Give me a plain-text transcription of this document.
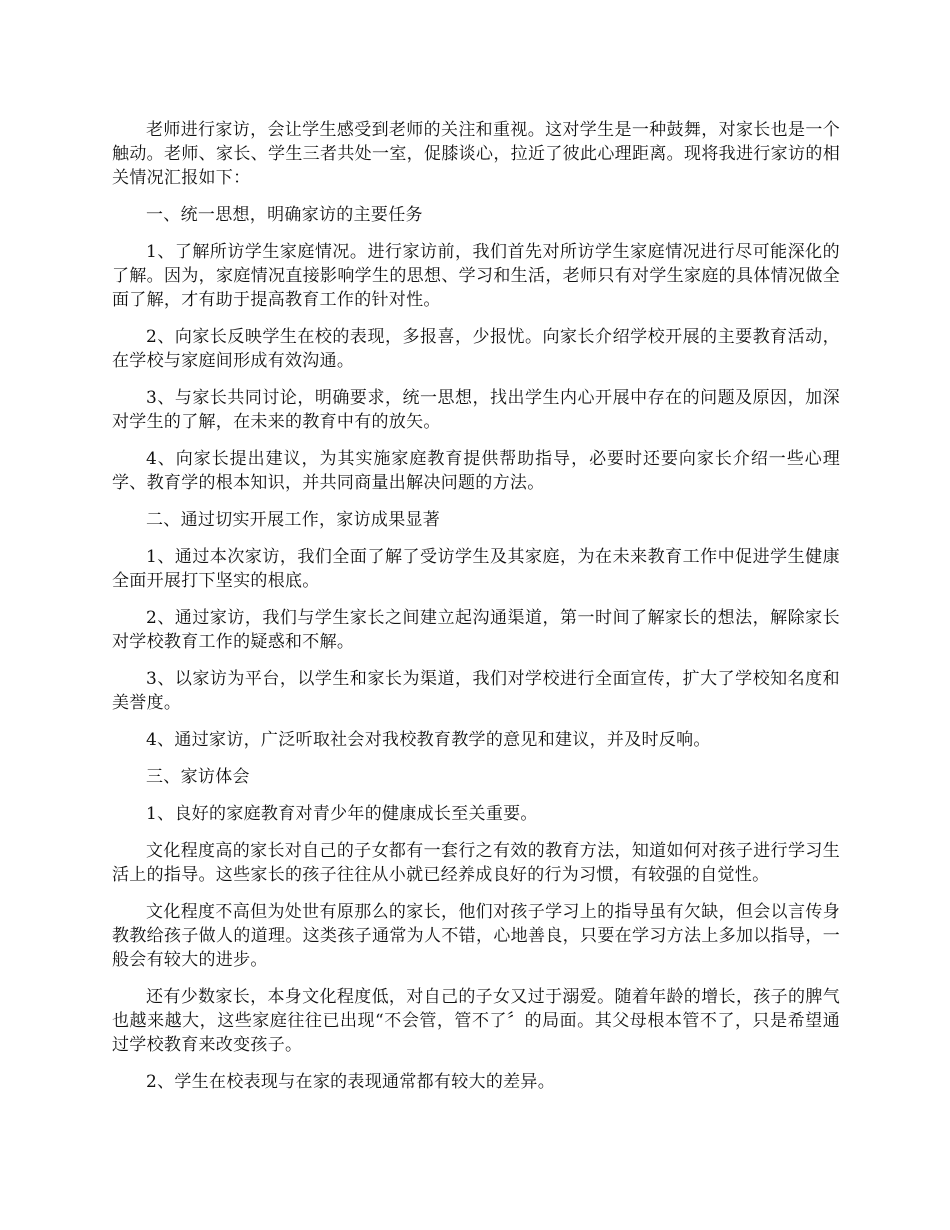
老师进行家访，会让学生感受到老师的关注和重视。这对学生是一种鼓舞，对家长也是一个触动。老师、家长、学生三者共处一室，促膝谈心，拉近了彼此心理距离。现将我进行家访的相关情况汇报如下：

一、统一思想，明确家访的主要任务

1、了解所访学生家庭情况。进行家访前，我们首先对所访学生家庭情况进行尽可能深化的了解。因为，家庭情况直接影响学生的思想、学习和生活，老师只有对学生家庭的具体情况做全面了解，才有助于提高教育工作的针对性。

2、向家长反映学生在校的表现，多报喜，少报忧。向家长介绍学校开展的主要教育活动，在学校与家庭间形成有效沟通。

3、与家长共同讨论，明确要求，统一思想，找出学生内心开展中存在的问题及原因，加深对学生的了解，在未来的教育中有的放矢。

4、向家长提出建议，为其实施家庭教育提供帮助指导，必要时还要向家长介绍一些心理学、教育学的根本知识，并共同商量出解决问题的方法。

二、通过切实开展工作，家访成果显著

1、通过本次家访，我们全面了解了受访学生及其家庭，为在未来教育工作中促进学生健康全面开展打下坚实的根底。

2、通过家访，我们与学生家长之间建立起沟通渠道，第一时间了解家长的想法，解除家长对学校教育工作的疑惑和不解。

3、以家访为平台，以学生和家长为渠道，我们对学校进行全面宣传，扩大了学校知名度和美誉度。

4、通过家访，广泛听取社会对我校教育教学的意见和建议，并及时反响。

三、家访体会

1、良好的家庭教育对青少年的健康成长至关重要。

文化程度高的家长对自己的子女都有一套行之有效的教育方法，知道如何对孩子进行学习生活上的指导。这些家长的孩子往往从小就已经养成良好的行为习惯，有较强的自觉性。

文化程度不高但为处世有原那么的家长，他们对孩子学习上的指导虽有欠缺，但会以言传身教教给孩子做人的道理。这类孩子通常为人不错，心地善良，只要在学习方法上多加以指导，一般会有较大的进步。

还有少数家长，本身文化程度低，对自己的子女又过于溺爱。随着年龄的增长，孩子的脾气也越来越大，这些家庭往往已出现“不会管，管不了〞的局面。其父母根本管不了，只是希望通过学校教育来改变孩子。

2、学生在校表现与在家的表现通常都有较大的差异。
